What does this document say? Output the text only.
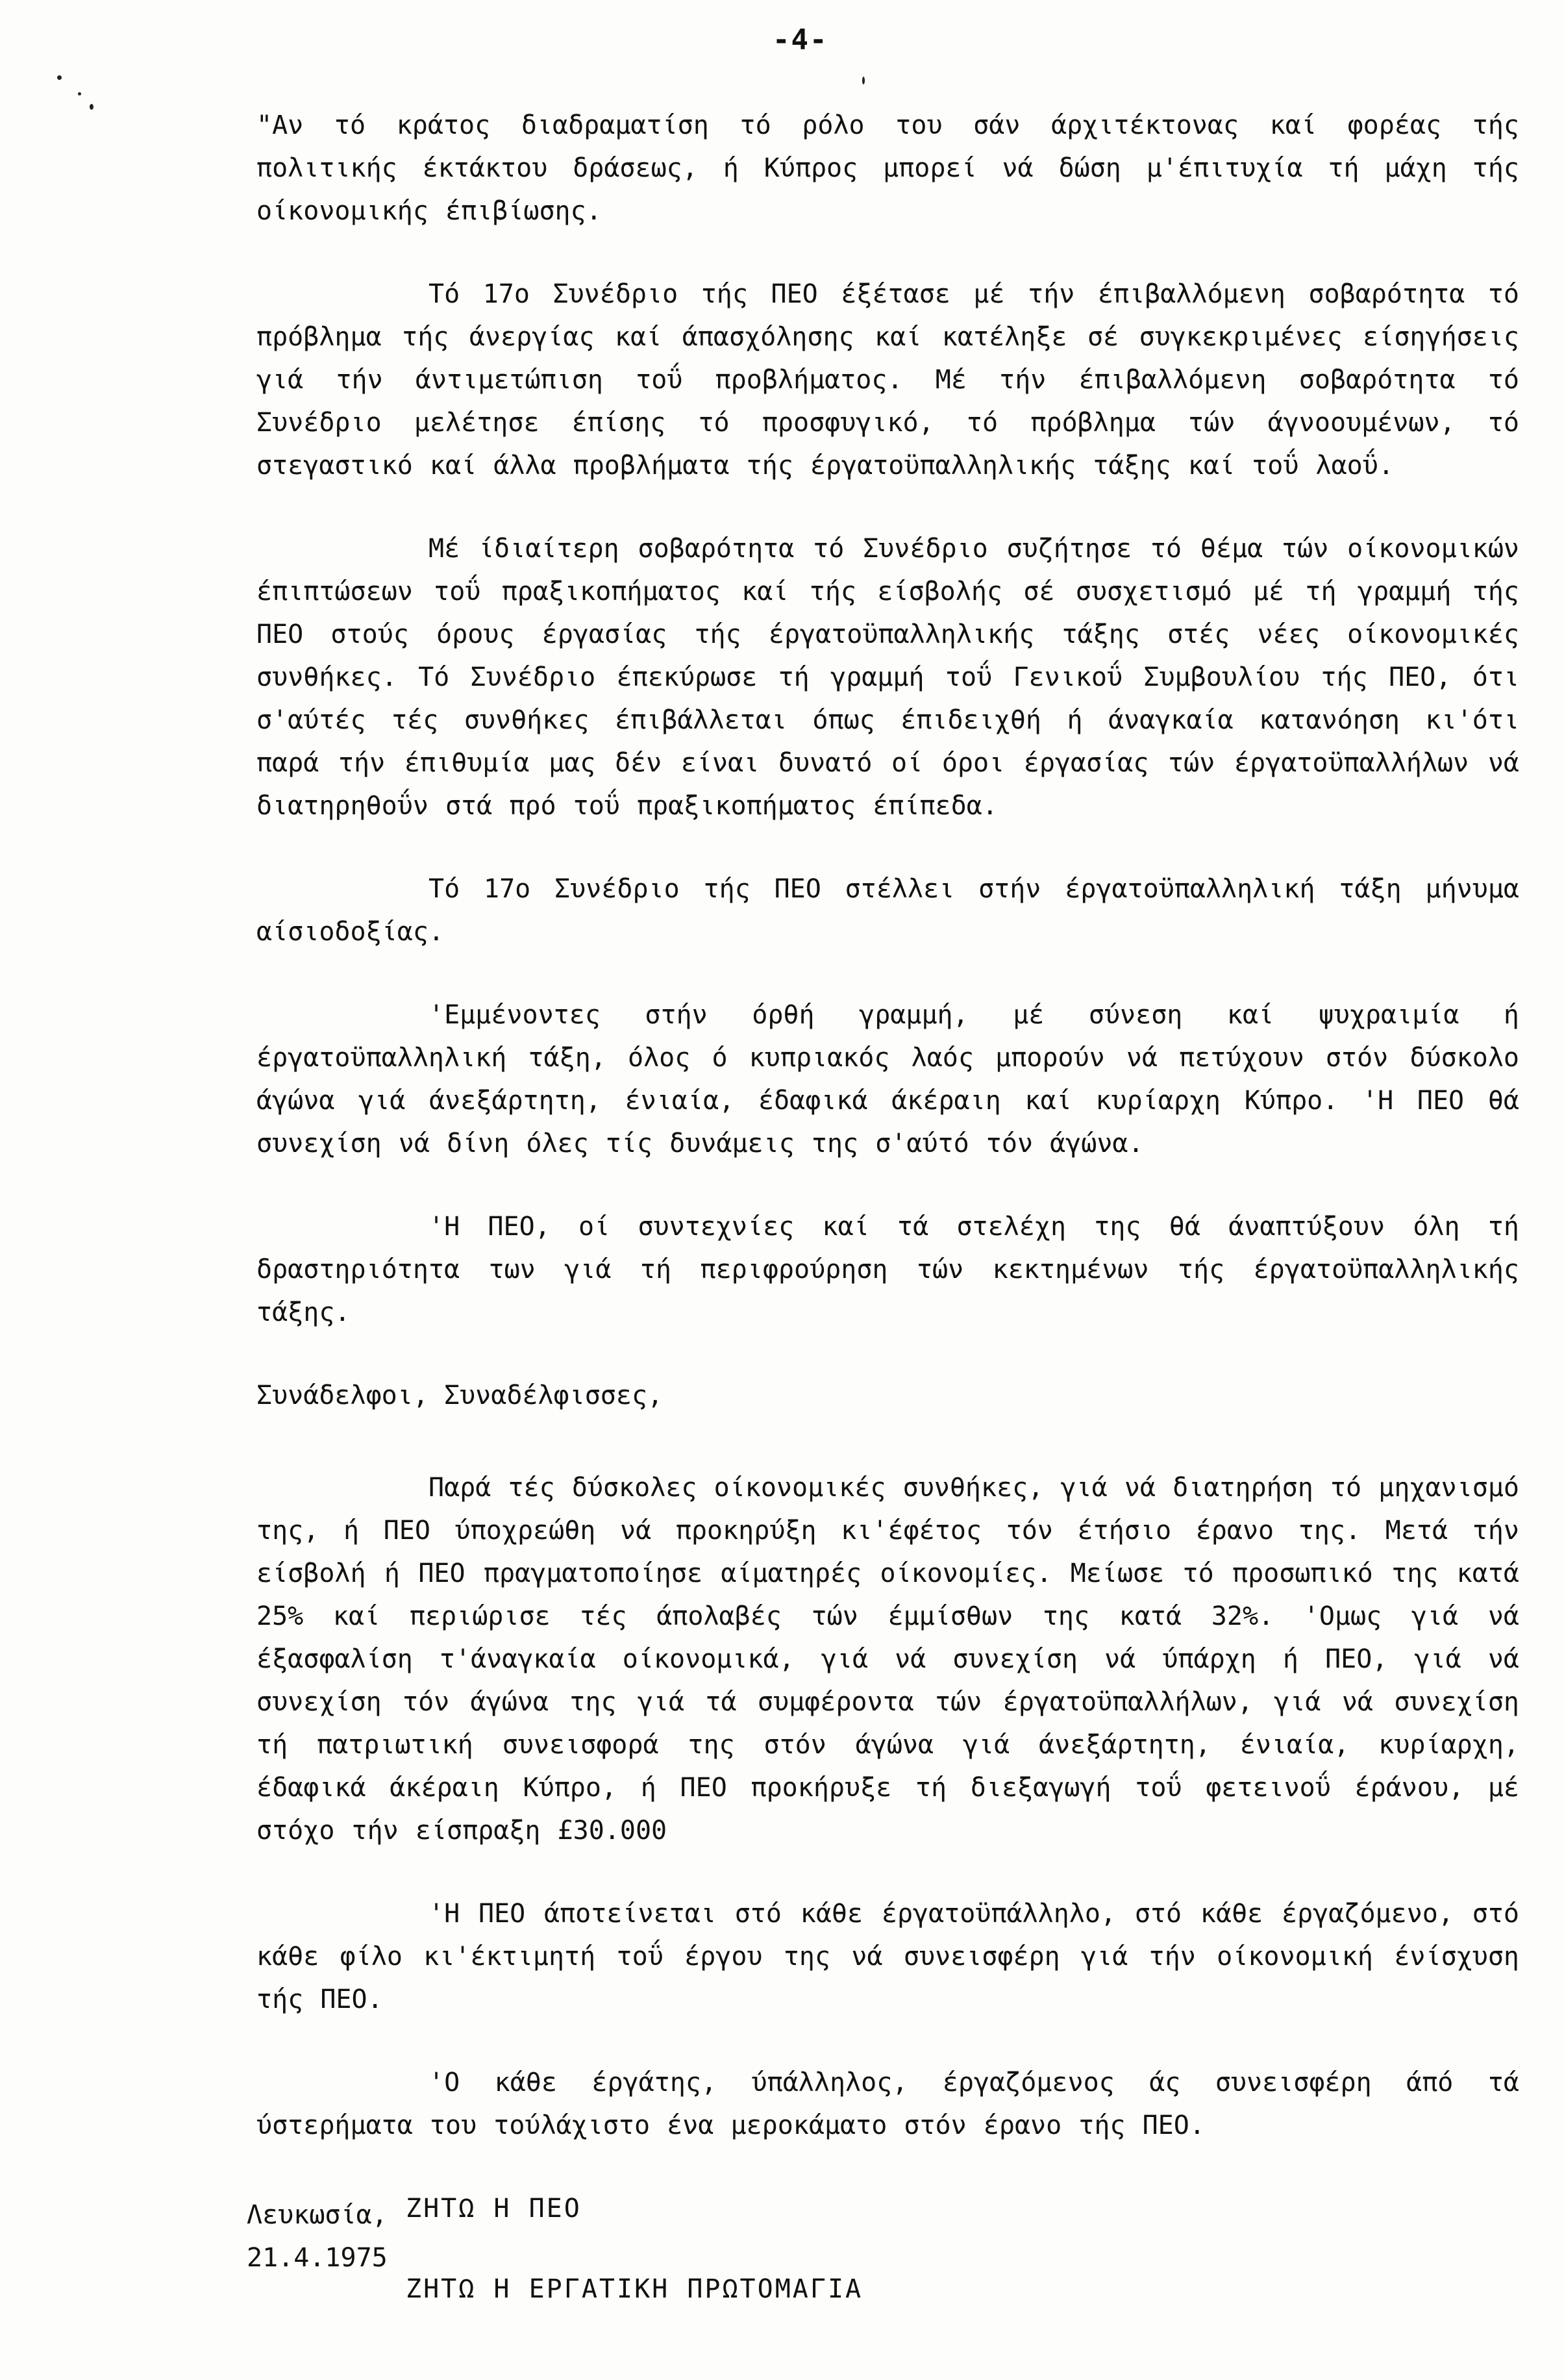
-4-

"Αν τό κράτος διαδραματίση τό ρόλο του σάν άρχιτέκτονας καί φορέας τής πολιτικής έκτάκτου δράσεως, ή Κύπρος μπορεί νά δώση μ'έπιτυχία τή μάχη τής οίκονομικής έπιβίωσης.

Τό 17ο Συνέδριο τής ΠΕΟ έξέτασε μέ τήν έπιβαλλόμενη σοβαρότητα τό πρόβλημα τής άνεργίας καί άπασχόλησης καί κατέληξε σέ συγκεκριμένες είσηγήσεις γιά τήν άντιμετώπιση τοΰ προβλήματος. Μέ τήν έπιβαλλόμενη σοβαρότητα τό Συνέδριο μελέτησε έπίσης τό προσφυγικό, τό πρόβλημα τών άγνοουμένων, τό στεγαστικό καί άλλα προβλήματα τής έργατοϋπαλληλικής τάξης καί τοΰ λαοΰ.

Μέ ίδιαίτερη σοβαρότητα τό Συνέδριο συζήτησε τό θέμα τών οίκονομικών έπιπτώσεων τοΰ πραξικοπήματος καί τής είσβολής σέ συσχετισμό μέ τή γραμμή τής ΠΕΟ στούς όρους έργασίας τής έργατοϋπαλληλικής τάξης στές νέες οίκονομικές συνθήκες. Τό Συνέδριο έπεκύρωσε τή γραμμή τοΰ Γενικοΰ Συμβουλίου τής ΠΕΟ, ότι σ'αύτές τές συνθήκες έπιβάλλεται όπως έπιδειχθή ή άναγκαία κατανόηση κι'ότι παρά τήν έπιθυμία μας δέν είναι δυνατό οί όροι έργασίας τών έργατοϋπαλλήλων νά διατηρηθοΰν στά πρό τοΰ πραξικοπήματος έπίπεδα.

Τό 17ο Συνέδριο τής ΠΕΟ στέλλει στήν έργατοϋπαλληλική τάξη μήνυμα αίσιοδοξίας.

'Εμμένοντες στήν όρθή γραμμή, μέ σύνεση καί ψυχραιμία ή έργατοϋπαλληλική τάξη, όλος ό κυπριακός λαός μπορούν νά πετύχουν στόν δύσκολο άγώνα γιά άνεξάρτητη, ένιαία, έδαφικά άκέραιη καί κυρίαρχη Κύπρο. 'Η ΠΕΟ θά συνεχίση νά δίνη όλες τίς δυνάμεις της σ'αύτό τόν άγώνα.

'Η ΠΕΟ, οί συντεχνίες καί τά στελέχη της θά άναπτύξουν όλη τή δραστηριότητα των γιά τή περιφρούρηση τών κεκτημένων τής έργατοϋπαλληλικής τάξης.

Συνάδελφοι, Συναδέλφισσες,

Παρά τές δύσκολες οίκονομικές συνθήκες, γιά νά διατηρήση τό μηχανισμό της, ή ΠΕΟ ύποχρεώθη νά προκηρύξη κι'έφέτος τόν έτήσιο έρανο της. Μετά τήν είσβολή ή ΠΕΟ πραγματοποίησε αίματηρές οίκονομίες. Μείωσε τό προσωπικό της κατά 25% καί περιώρισε τές άπολαβές τών έμμίσθων της κατά 32%. 'Ομως γιά νά έξασφαλίση τ'άναγκαία οίκονομικά, γιά νά συνεχίση νά ύπάρχη ή ΠΕΟ, γιά νά συνεχίση τόν άγώνα της γιά τά συμφέροντα τών έργατοϋπαλλήλων, γιά νά συνεχίση τή πατριωτική συνεισφορά της στόν άγώνα γιά άνεξάρτητη, ένιαία, κυρίαρχη, έδαφικά άκέραιη Κύπρο, ή ΠΕΟ προκήρυξε τή διεξαγωγή τοΰ φετεινοΰ έράνου, μέ στόχο τήν είσπραξη £30.000

'Η ΠΕΟ άποτείνεται στό κάθε έργατοϋπάλληλο, στό κάθε έργαζόμενο, στό κάθε φίλο κι'έκτιμητή τοΰ έργου της νά συνεισφέρη γιά τήν οίκονομική ένίσχυση τής ΠΕΟ.

'Ο κάθε έργάτης, ύπάλληλος, έργαζόμενος άς συνεισφέρη άπό τά ύστερήματα του τούλάχιστο ένα μεροκάματο στόν έρανο τής ΠΕΟ.

ΖΗΤΩ Η ΠΕΟ
ΖΗΤΩ Η ΕΡΓΑΤΙΚΗ ΠΡΩΤΟΜΑΓΙΑ
Λευκωσία,
21.4.1975
